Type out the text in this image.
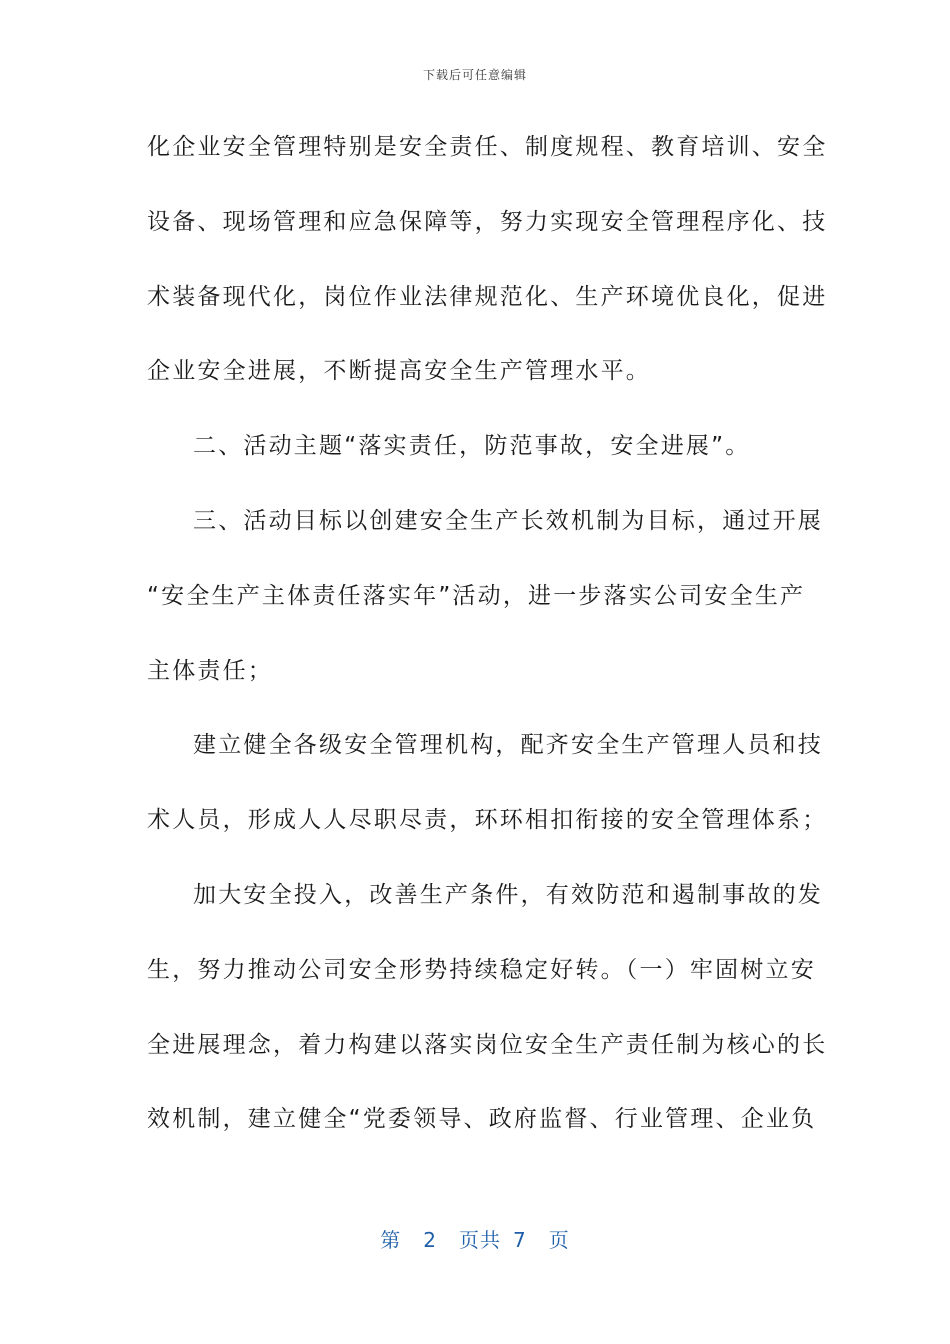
下载后可任意编辑
化企业安全管理特别是安全责任、制度规程、教育培训、安全
设备、现场管理和应急保障等，努力实现安全管理程序化、技
术装备现代化，岗位作业法律规范化、生产环境优良化，促进
企业安全进展，不断提高安全生产管理水平。
二、活动主题“落实责任，防范事故，安全进展”。
三、活动目标以创建安全生产长效机制为目标，通过开展
“安全生产主体责任落实年”活动，进一步落实公司安全生产
主体责任；
建立健全各级安全管理机构，配齐安全生产管理人员和技
术人员，形成人人尽职尽责，环环相扣衔接的安全管理体系；
加大安全投入，改善生产条件，有效防范和遏制事故的发
生，努力推动公司安全形势持续稳定好转。（一）牢固树立安
全进展理念，着力构建以落实岗位安全生产责任制为核心的长
效机制，建立健全“党委领导、政府监督、行业管理、企业负
第 2 页共 7 页
